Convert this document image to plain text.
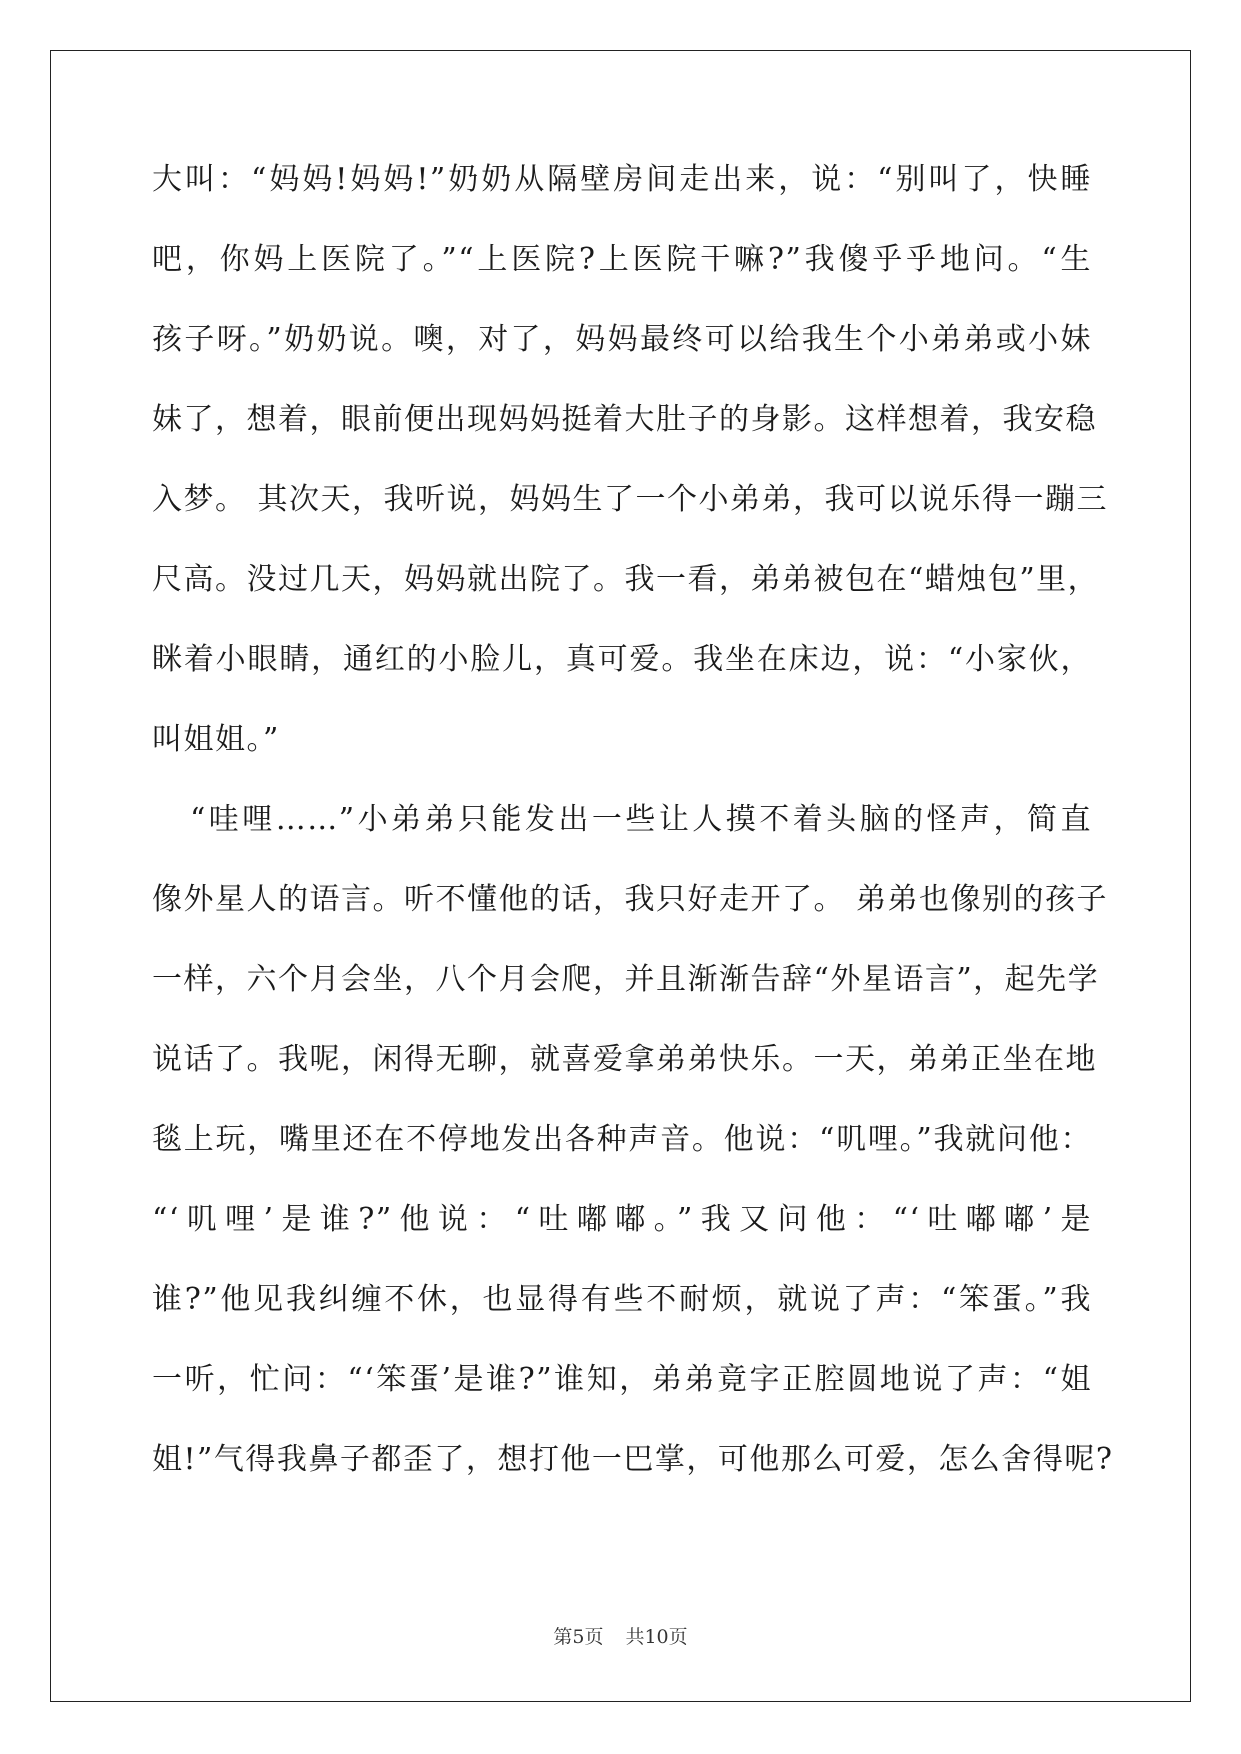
大叫：“妈妈!妈妈!”奶奶从隔壁房间走出来，说：“别叫了，快睡
吧，你妈上医院了。”“上医院?上医院干嘛?”我傻乎乎地问。“生
孩子呀。”奶奶说。噢，对了，妈妈最终可以给我生个小弟弟或小妹
妹了，想着，眼前便出现妈妈挺着大肚子的身影。这样想着，我安稳
入梦。 其次天，我听说，妈妈生了一个小弟弟，我可以说乐得一蹦三
尺高。没过几天，妈妈就出院了。我一看，弟弟被包在“蜡烛包”里，
眯着小眼睛，通红的小脸儿，真可爱。我坐在床边，说：“小家伙，
叫姐姐。”
“哇哩……”小弟弟只能发出一些让人摸不着头脑的怪声，简直
像外星人的语言。听不懂他的话，我只好走开了。 弟弟也像别的孩子
一样，六个月会坐，八个月会爬，并且渐渐告辞“外星语言”，起先学
说话了。我呢，闲得无聊，就喜爱拿弟弟快乐。一天，弟弟正坐在地
毯上玩，嘴里还在不停地发出各种声音。他说：“叽哩。”我就问他：
“‘叽哩’是谁?”他说：“吐嘟嘟。”我又问他：“‘吐嘟嘟’是
谁?”他见我纠缠不休，也显得有些不耐烦，就说了声：“笨蛋。”我
一听，忙问：“‘笨蛋’是谁?”谁知，弟弟竟字正腔圆地说了声：“姐
姐!”气得我鼻子都歪了，想打他一巴掌，可他那么可爱，怎么舍得呢?
第5页 共10页
